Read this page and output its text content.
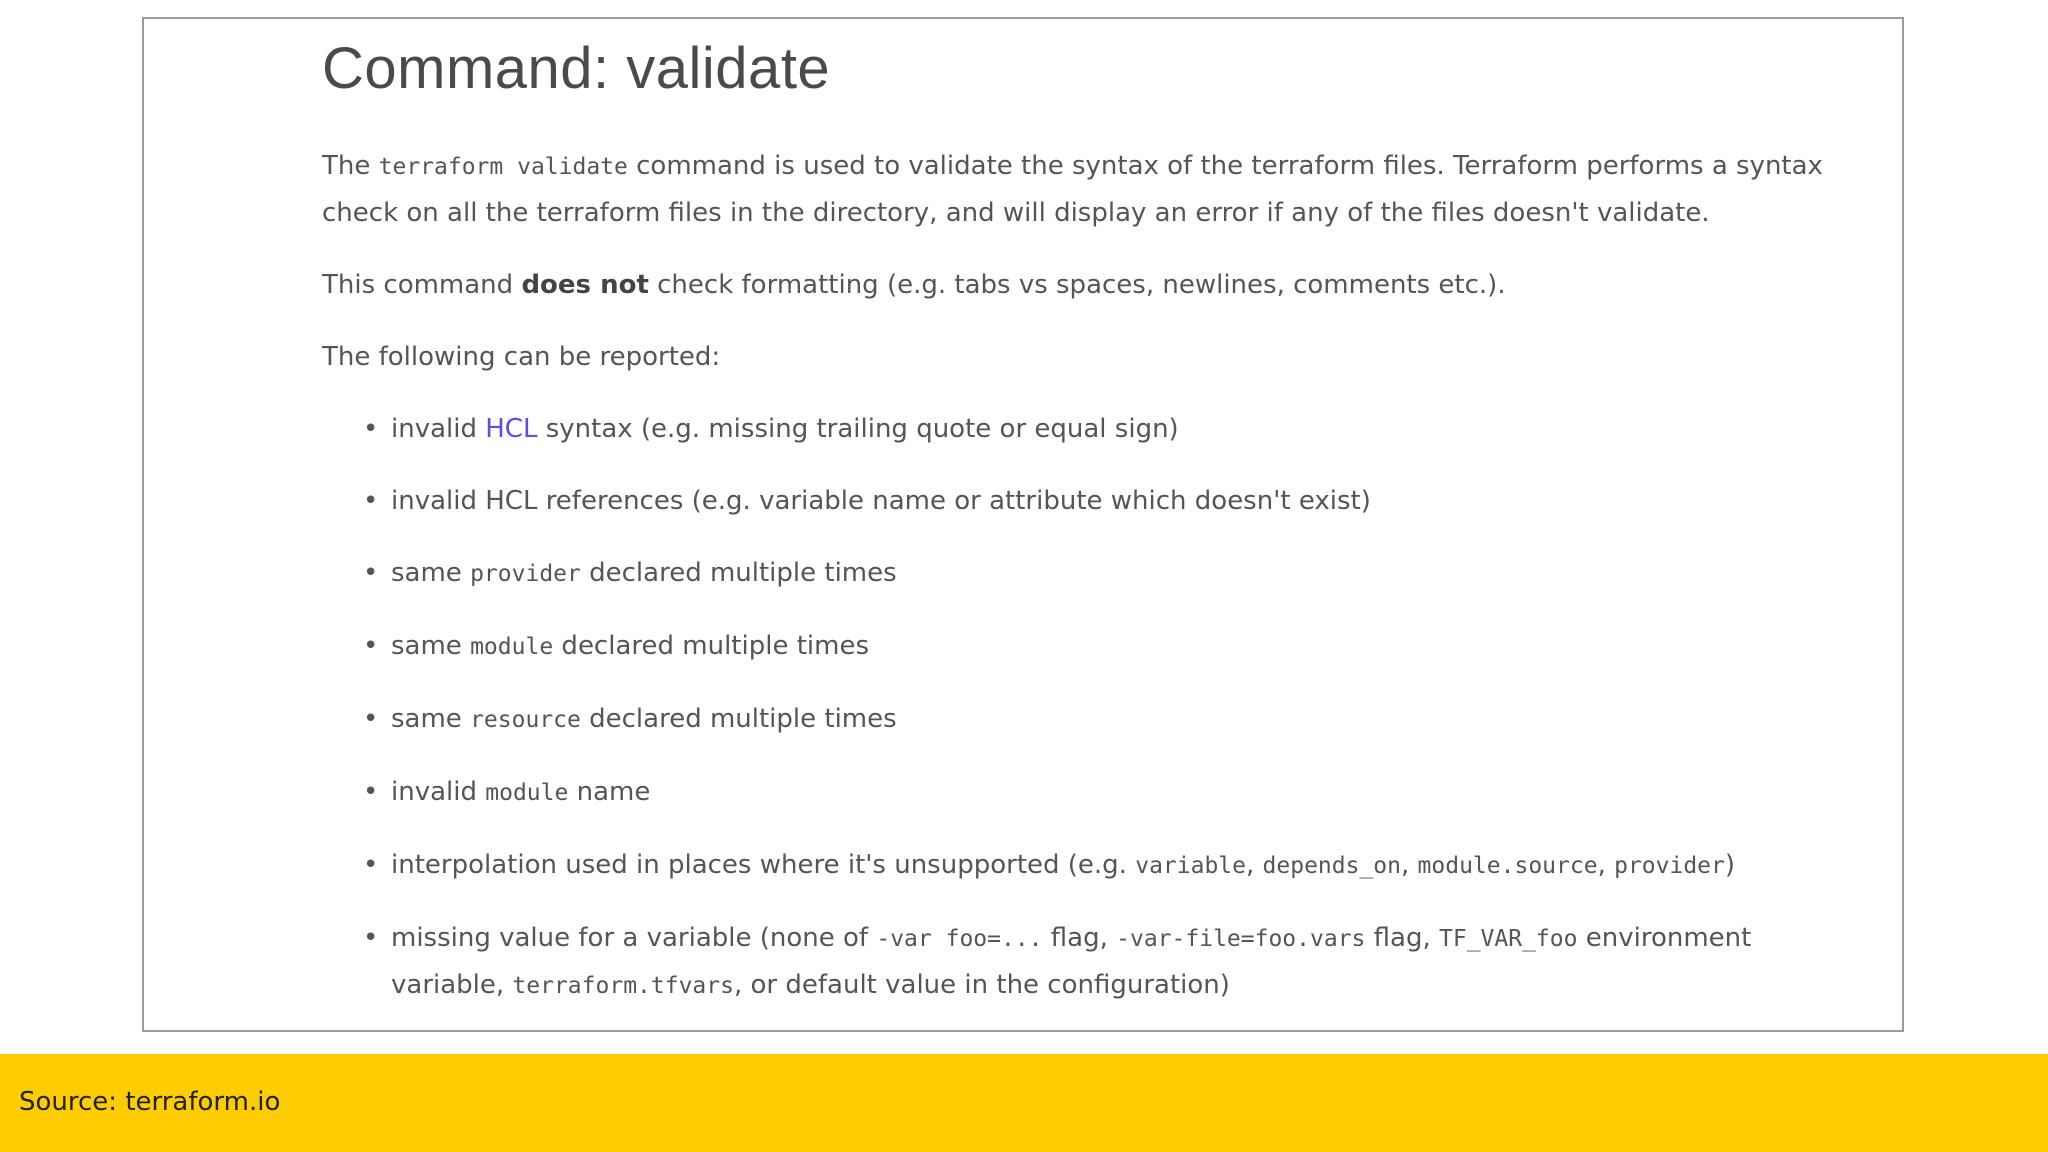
Command: validate

The terraform validate command is used to validate the syntax of the terraform files. Terraform performs a syntax check on all the terraform files in the directory, and will display an error if any of the files doesn't validate.

This command does not check formatting (e.g. tabs vs spaces, newlines, comments etc.).

The following can be reported:

• invalid HCL syntax (e.g. missing trailing quote or equal sign)
• invalid HCL references (e.g. variable name or attribute which doesn't exist)
• same provider declared multiple times
• same module declared multiple times
• same resource declared multiple times
• invalid module name
• interpolation used in places where it's unsupported (e.g. variable, depends_on, module.source, provider)
• missing value for a variable (none of -var foo=... flag, -var-file=foo.vars flag, TF_VAR_foo environment variable, terraform.tfvars, or default value in the configuration)
Source: terraform.io
